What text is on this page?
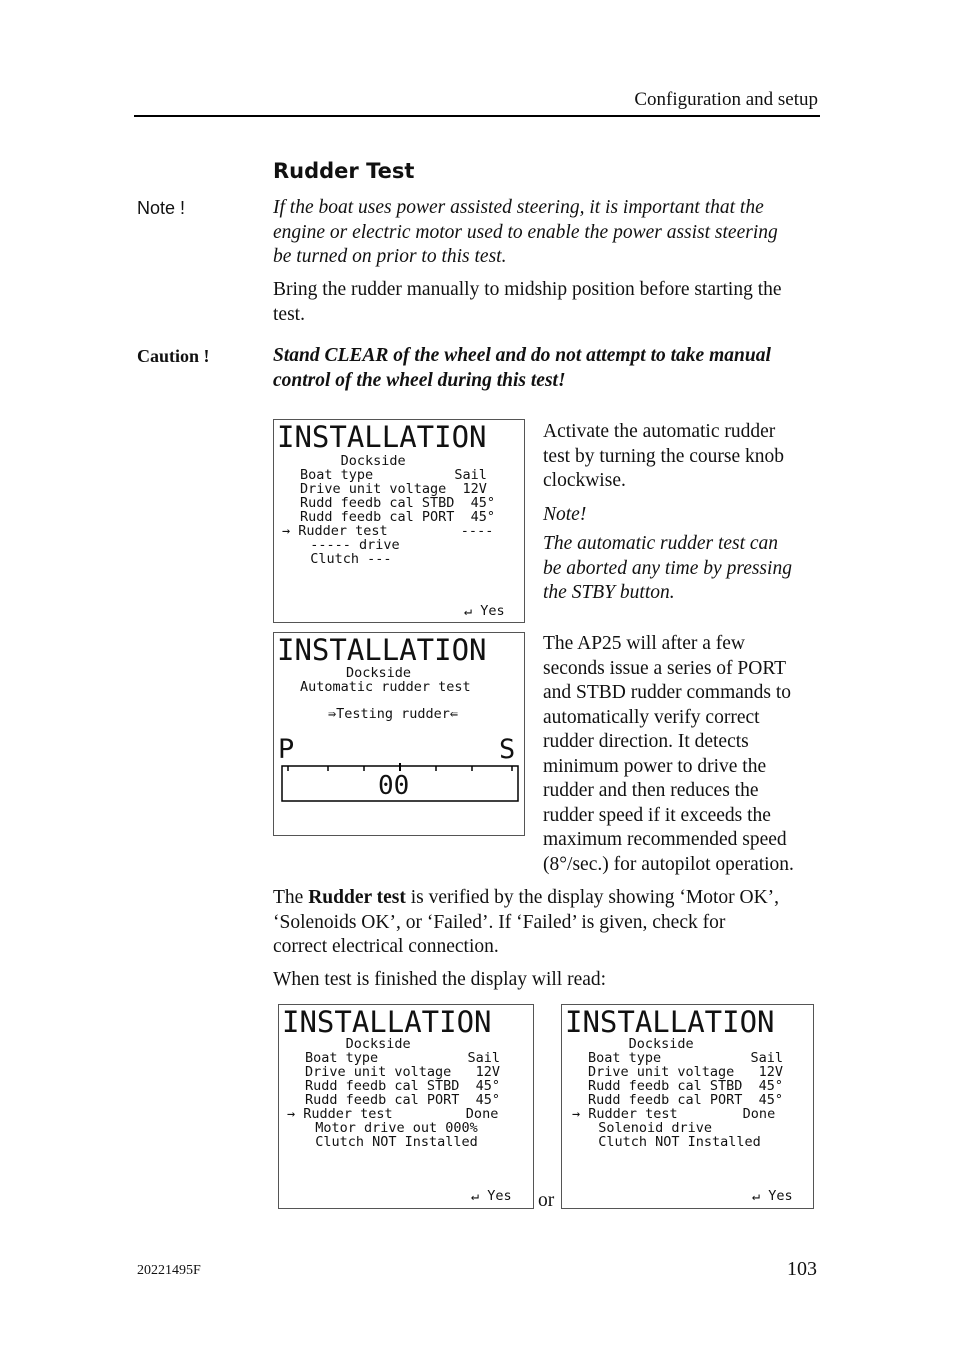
Configuration and setup
Rudder Test
Note !	If the boat uses power assisted steering, it is important that the
engine or electric motor used to enable the power assist steering
be turned on prior to this test.
Bring the rudder manually to midship position before starting the
test.
Caution !	Stand CLEAR of the wheel and do not attempt to take manual
control of the wheel during this test!
INSTALLATION
Dockside
Boat type          Sail
Drive unit voltage  12V
Rudd feedb cal STBD  45°
Rudd feedb cal PORT  45°
→ Rudder test         ----
----- drive
Clutch ---
↵ Yes
Activate the automatic rudder
test by turning the course knob
clockwise.
Note!
The automatic rudder test can
be aborted any time by pressing
the STBY button.
INSTALLATION
Dockside
Automatic rudder test
⇛Testing rudder⇚
P	S
00
The AP25 will after a few
seconds issue a series of PORT
and STBD rudder commands to
automatically verify correct
rudder direction. It detects
minimum power to drive the
rudder and then reduces the
rudder speed if it exceeds the
maximum recommended speed
(8°/sec.) for autopilot operation.
The Rudder test is verified by the display showing ‘Motor OK’,
‘Solenoids OK’, or ‘Failed’. If ‘Failed’ is given, check for
correct electrical connection.
When test is finished the display will read:
INSTALLATION
Dockside
Boat type           Sail
Drive unit voltage   12V
Rudd feedb cal STBD  45°
Rudd feedb cal PORT  45°
→ Rudder test         Done
Motor drive out 000%
Clutch NOT Installed
↵ Yes or
INSTALLATION
Dockside
Boat type           Sail
Drive unit voltage   12V
Rudd feedb cal STBD  45°
Rudd feedb cal PORT  45°
→ Rudder test        Done
Solenoid drive
Clutch NOT Installed
↵ Yes
20221495F	103
